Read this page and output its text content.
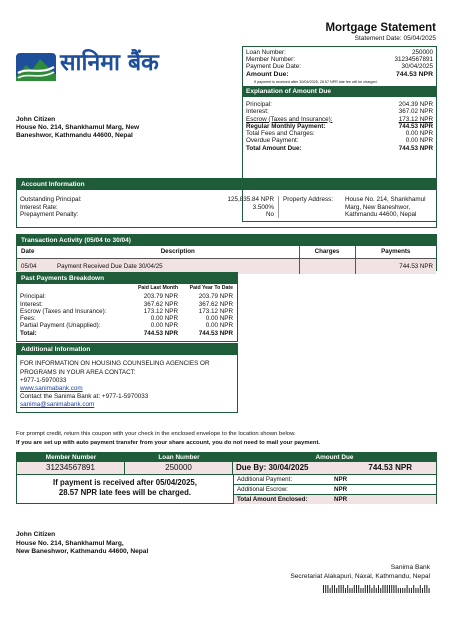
सानिमा बैंक
Mortgage Statement
Statement Date: 05/04/2025
Loan Number:	250000
Member Number:	31234567891
Payment Due Date:	30/04/2025
Amount Due:	744.53 NPR
If payment is received after 30/04/2025, 28.57 NPR late fee will be charged.
Explanation of Amount Due
Principal:	204.39 NPR
Interest:	367.02 NPR
Escrow (Taxes and Insurance):	173.12 NPR
Regular Monthly Payment:	744.53 NPR
Total Fees and Charges:	0.00 NPR
Overdue Payment:	0.00 NPR
Total Amount Due:	744.53 NPR
John Citizen
House No. 214, Shankhamul Marg, New
Baneshwor, Kathmandu 44600, Nepal
Account Information
Outstanding Principal:	125,835.84 NPR
Interest Rate:	3.500%
Prepayment Penalty:	No
Property Address:	House No. 214, Shankhamul
Marg, New Baneshwor,
Kathmandu 44600, Nepal
Transaction Activity (05/04 to 30/04)
Date	Description	Charges	Payments
05/04	Payment Received Due Date 30/04/25		744.53 NPR
Past Payments Breakdown
Paid Last Month	Paid Year To Date
Principal:	203.79 NPR	203.79 NPR
Interest:	367.62 NPR	367.62 NPR
Escrow (Taxes and Insurance):	173.12 NPR	173.12 NPR
Fees:	0.00 NPR	0.00 NPR
Partial Payment (Unapplied):	0.00 NPR	0.00 NPR
Total:	744.53 NPR	744.53 NPR
Additional Information
FOR INFORMATION ON HOUSING COUNSELING AGENCIES OR
PROGRAMS IN YOUR AREA CONTACT:
+977-1-5970033
www.sanimabank.com
Contact the Sanima Bank at: +977-1-5970033
sanima@sanimabank.com
For prompt credit, return this coupon with your check in the enclosed envelope to the location shown below.
If you are set up with auto payment transfer from your share account, you do not need to mail your payment.
Member Number	Loan Number	Amount Due
31234567891	250000	Due By: 30/04/2025	744.53 NPR
If payment is received after 05/04/2025,
28.57 NPR late fees will be charged.
Additional Payment:	NPR
Additional Escrow:	NPR
Total Amount Enclosed:	NPR
John Citizen
House No. 214, Shankhamul Marg,
New Baneshwor, Kathmandu 44600, Nepal
Sanima Bank
Secretariat Alakapuri, Naxal, Kathmandu, Nepal
